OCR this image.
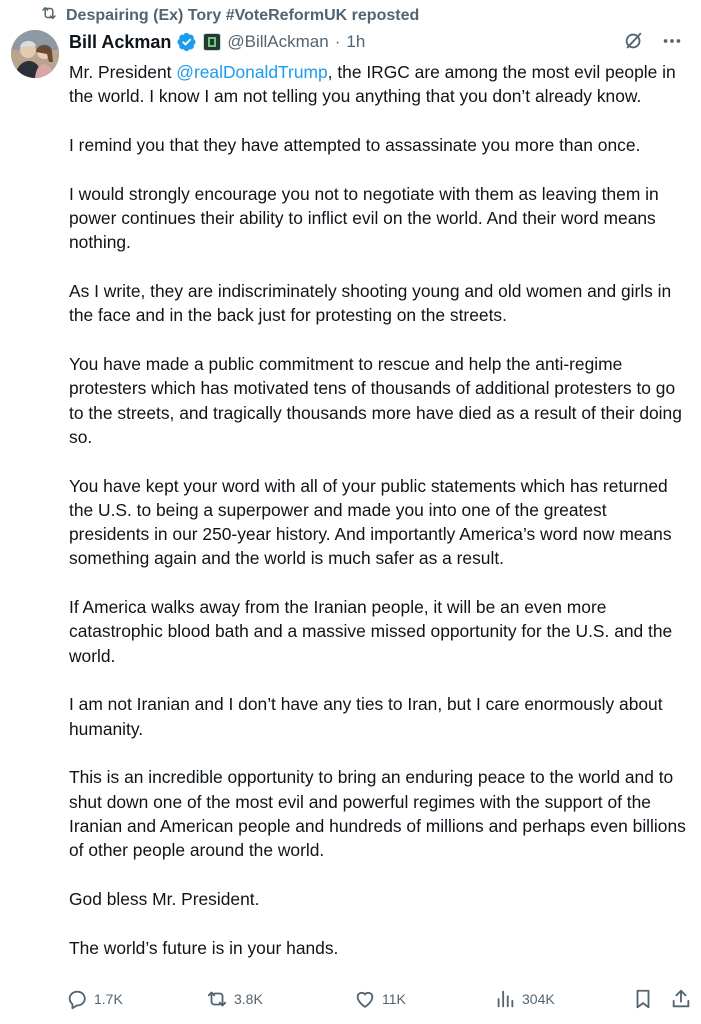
Despairing (Ex) Tory #VoteReformUK reposted
Bill Ackman	@BillAckman · 1h

Mr. President @realDonaldTrump, the IRGC are among the most evil people in the world. I know I am not telling you anything that you don’t already know.

I remind you that they have attempted to assassinate you more than once.

I would strongly encourage you not to negotiate with them as leaving them in power continues their ability to inflict evil on the world. And their word means nothing.

As I write, they are indiscriminately shooting young and old women and girls in the face and in the back just for protesting on the streets.

You have made a public commitment to rescue and help the anti-regime protesters which has motivated tens of thousands of additional protesters to go to the streets, and tragically thousands more have died as a result of their doing so.

You have kept your word with all of your public statements which has returned the U.S. to being a superpower and made you into one of the greatest presidents in our 250-year history. And importantly America’s word now means something again and the world is much safer as a result.

If America walks away from the Iranian people, it will be an even more catastrophic blood bath and a massive missed opportunity for the U.S. and the world.

I am not Iranian and I don’t have any ties to Iran, but I care enormously about humanity.

This is an incredible opportunity to bring an enduring peace to the world and to shut down one of the most evil and powerful regimes with the support of the Iranian and American people and hundreds of millions and perhaps even billions of other people around the world.

God bless Mr. President.

The world’s future is in your hands.

1.7K	3.8K	11K	304K
